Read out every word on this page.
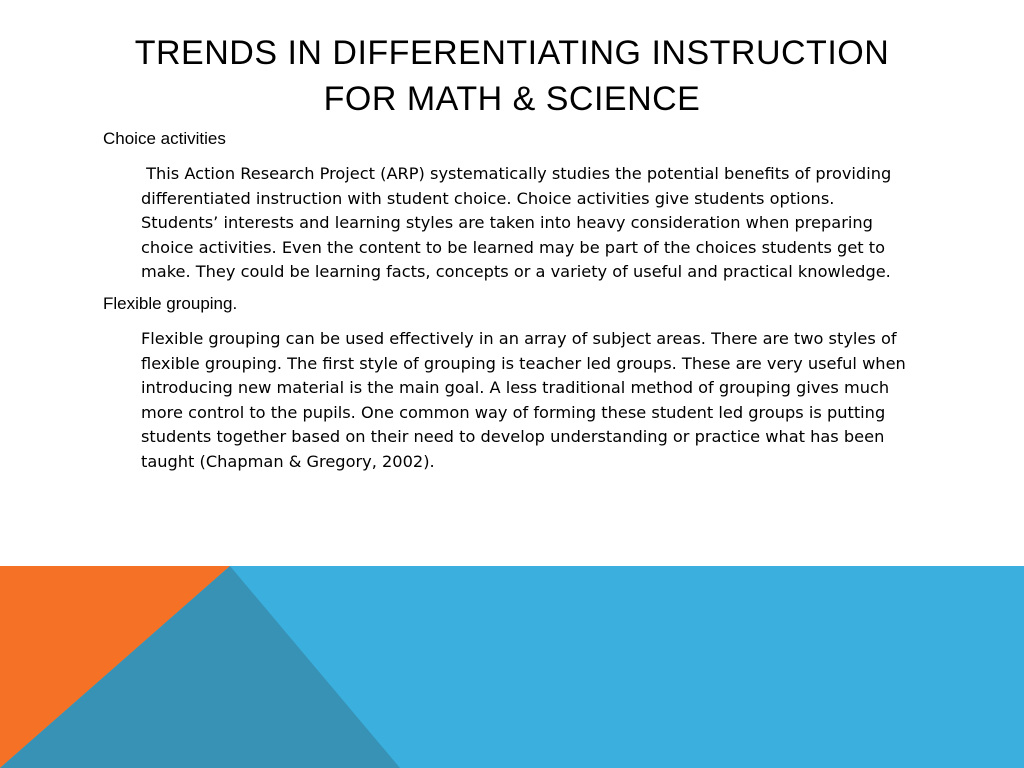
TRENDS IN DIFFERENTIATING INSTRUCTION
FOR MATH & SCIENCE

Choice activities

This Action Research Project (ARP) systematically studies the potential benefits of providing differentiated instruction with student choice. Choice activities give students options. Students’ interests and learning styles are taken into heavy consideration when preparing choice activities. Even the content to be learned may be part of the choices students get to make. They could be learning facts, concepts or a variety of useful and practical knowledge.

Flexible grouping.

Flexible grouping can be used effectively in an array of subject areas. There are two styles of flexible grouping. The first style of grouping is teacher led groups. These are very useful when introducing new material is the main goal. A less traditional method of grouping gives much more control to the pupils. One common way of forming these student led groups is putting students together based on their need to develop understanding or practice what has been taught (Chapman & Gregory, 2002).
